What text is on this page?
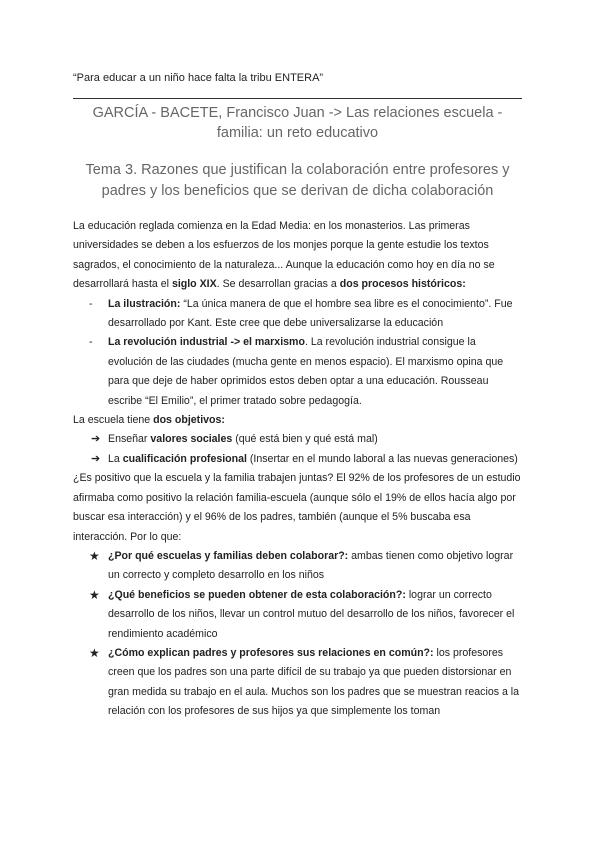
“Para educar a un niño hace falta la tribu ENTERA”
GARCÍA - BACETE, Francisco Juan -> Las relaciones escuela - familia: un reto educativo
Tema 3. Razones que justifican la colaboración entre profesores y padres y los beneficios que se derivan de dicha colaboración

La educación reglada comienza en la Edad Media: en los monasterios. Las primeras universidades se deben a los esfuerzos de los monjes porque la gente estudie los textos sagrados, el conocimiento de la naturaleza... Aunque la educación como hoy en día no se desarrollará hasta el siglo XIX. Se desarrollan gracias a dos procesos históricos:

- La ilustración: “La única manera de que el hombre sea libre es el conocimiento”. Fue desarrollado por Kant. Este cree que debe universalizarse la educación
- La revolución industrial -> el marxismo. La revolución industrial consigue la evolución de las ciudades (mucha gente en menos espacio). El marxismo opina que para que deje de haber oprimidos estos deben optar a una educación. Rousseau escribe “El Emilio”, el primer tratado sobre pedagogía.

La escuela tiene dos objetivos:

➔ Enseñar valores sociales (qué está bien y qué está mal)
➔ La cualificación profesional (Insertar en el mundo laboral a las nuevas generaciones)

¿Es positivo que la escuela y la familia trabajen juntas? El 92% de los profesores de un estudio afirmaba como positivo la relación familia-escuela (aunque sólo el 19% de ellos hacía algo por buscar esa interacción) y el 96% de los padres, también (aunque el 5% buscaba esa interacción. Por lo que:

★ ¿Por qué escuelas y familias deben colaborar?: ambas tienen como objetivo lograr un correcto y completo desarrollo en los niños
★ ¿Qué beneficios se pueden obtener de esta colaboración?: lograr un correcto desarrollo de los niños, llevar un control mutuo del desarrollo de los niños, favorecer el rendimiento académico
★ ¿Cómo explican padres y profesores sus relaciones en común?: los profesores creen que los padres son una parte difícil de su trabajo ya que pueden distorsionar en gran medida su trabajo en el aula. Muchos son los padres que se muestran reacios a la relación con los profesores de sus hijos ya que simplemente los toman
